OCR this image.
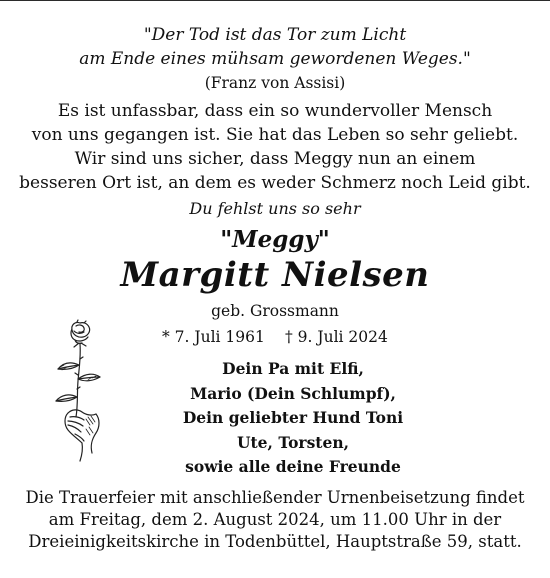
"Der Tod ist das Tor zum Licht
am Ende eines mühsam gewordenen Weges."
(Franz von Assisi)
Es ist unfassbar, dass ein so wundervoller Mensch
von uns gegangen ist. Sie hat das Leben so sehr geliebt.
Wir sind uns sicher, dass Meggy nun an einem
besseren Ort ist, an dem es weder Schmerz noch Leid gibt.
Du fehlst uns so sehr
"Meggy"
Margitt Nielsen
geb. Grossmann
* 7. Juli 1961 † 9. Juli 2024
Dein Pa mit Elfi,
Mario (Dein Schlumpf),
Dein geliebter Hund Toni
Ute, Torsten,
sowie alle deine Freunde
Die Trauerfeier mit anschließender Urnenbeisetzung findet
am Freitag, dem 2. August 2024, um 11.00 Uhr in der
Dreieinigkeitskirche in Todenbüttel, Hauptstraße 59, statt.
